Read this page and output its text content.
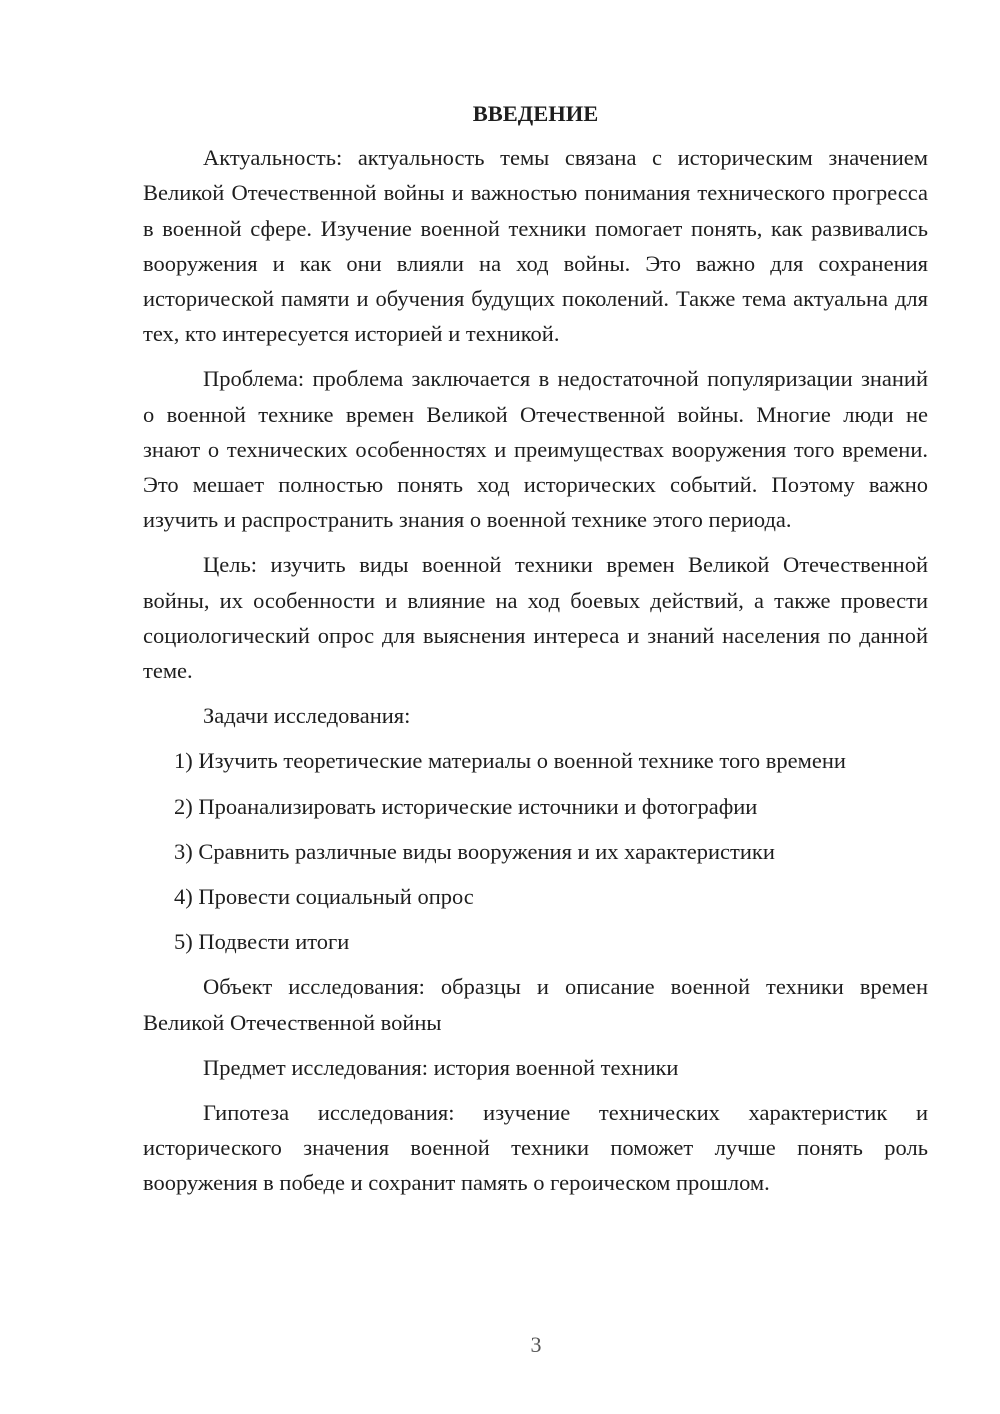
ВВЕДЕНИЕ

Актуальность: актуальность темы связана с историческим значением Великой Отечественной войны и важностью понимания технического прогресса в военной сфере. Изучение военной техники помогает понять, как развивались вооружения и как они влияли на ход войны. Это важно для сохранения исторической памяти и обучения будущих поколений. Также тема актуальна для тех, кто интересуется историей и техникой.

Проблема: проблема заключается в недостаточной популяризации знаний о военной технике времен Великой Отечественной войны. Многие люди не знают о технических особенностях и преимуществах вооружения того времени. Это мешает полностью понять ход исторических событий. Поэтому важно изучить и распространить знания о военной технике этого периода.

Цель: изучить виды военной техники времен Великой Отечественной войны, их особенности и влияние на ход боевых действий, а также провести социологический опрос для выяснения интереса и знаний населения по данной теме.

Задачи исследования:

1) Изучить теоретические материалы о военной технике того времени
2) Проанализировать исторические источники и фотографии
3) Сравнить различные виды вооружения и их характеристики
4) Провести социальный опрос
5) Подвести итоги

Объект исследования: образцы и описание военной техники времен Великой Отечественной войны

Предмет исследования: история военной техники

Гипотеза исследования: изучение технических характеристик и исторического значения военной техники поможет лучше понять роль вооружения в победе и сохранит память о героическом прошлом.

3
